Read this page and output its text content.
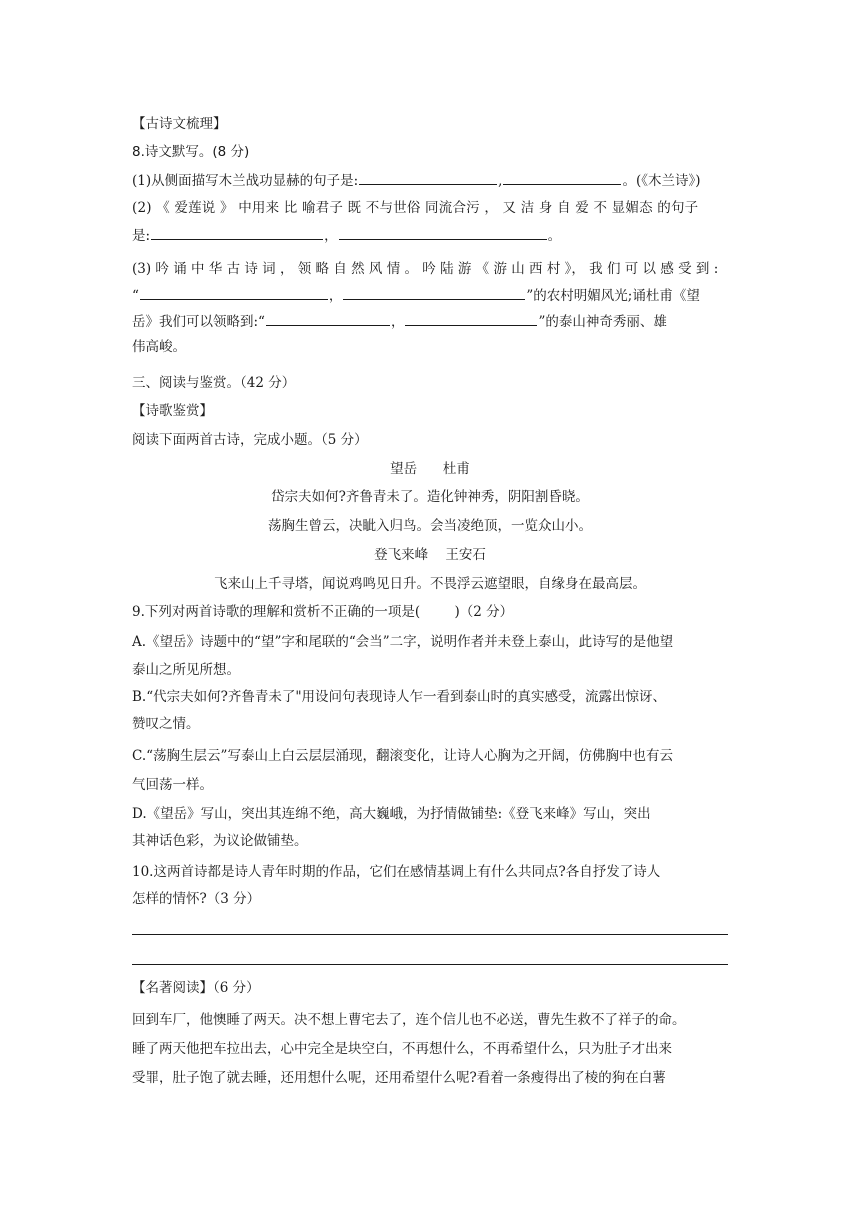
【古诗文梳理】
8.诗文默写。(8 分)
(1)从侧面描写木兰战功显赫的句子是:	,	。(《木兰诗》)
(2) 《 爱莲说 》 中用来 比 喻君子 既 不与世俗 同流合污 ， 又 洁 身 自 爱 不 显媚态 的句子
是:	，	。
(3) 吟 诵 中 华 古 诗 词 ， 领 略 自 然 风 情 。 吟 陆 游 《 游 山 西 村 》， 我 们 可 以 感 受 到 :
“	，	”的农村明媚风光;诵杜甫《望
岳》我们可以领略到:“	，	”的泰山神奇秀丽、雄
伟高峻。
三、阅读与鉴赏。（42 分）
【诗歌鉴赏】
阅读下面两首古诗，完成小题。（5 分）
望岳      杜甫
岱宗夫如何?齐鲁青未了。造化钟神秀，阴阳割昏晓。
荡胸生曾云，决眦入归鸟。会当凌绝顶，一览众山小。
登飞来峰    王安石
飞来山上千寻塔，闻说鸡鸣见日升。不畏浮云遮望眼，自缘身在最高层。
9.下列对两首诗歌的理解和赏析不正确的一项是(        )（2 分）
A.《望岳》诗题中的“望”字和尾联的“会当”二字，说明作者并未登上泰山，此诗写的是他望
泰山之所见所想。
B.“代宗夫如何?齐鲁青未了"用设问句表现诗人乍一看到泰山时的真实感受，流露出惊讶、
赞叹之情。
C.“荡胸生层云”写泰山上白云层层涌现，翻滚变化，让诗人心胸为之开阔，仿佛胸中也有云
气回荡一样。
D.《望岳》写山，突出其连绵不绝，高大巍峨，为抒情做铺垫:《登飞来峰》写山，突出
其神话色彩，为议论做铺垫。
10.这两首诗都是诗人青年时期的作品，它们在感情基调上有什么共同点?各自抒发了诗人
怎样的情怀?（3 分）
【名著阅读】（6 分）
回到车厂，他懊睡了两天。决不想上曹宅去了，连个信儿也不必送，曹先生救不了祥子的命。
睡了两天他把车拉出去，心中完全是块空白，不再想什么，不再希望什么，只为肚子才出来
受罪，肚子饱了就去睡，还用想什么呢，还用希望什么呢?看着一条瘦得出了棱的狗在白薯
